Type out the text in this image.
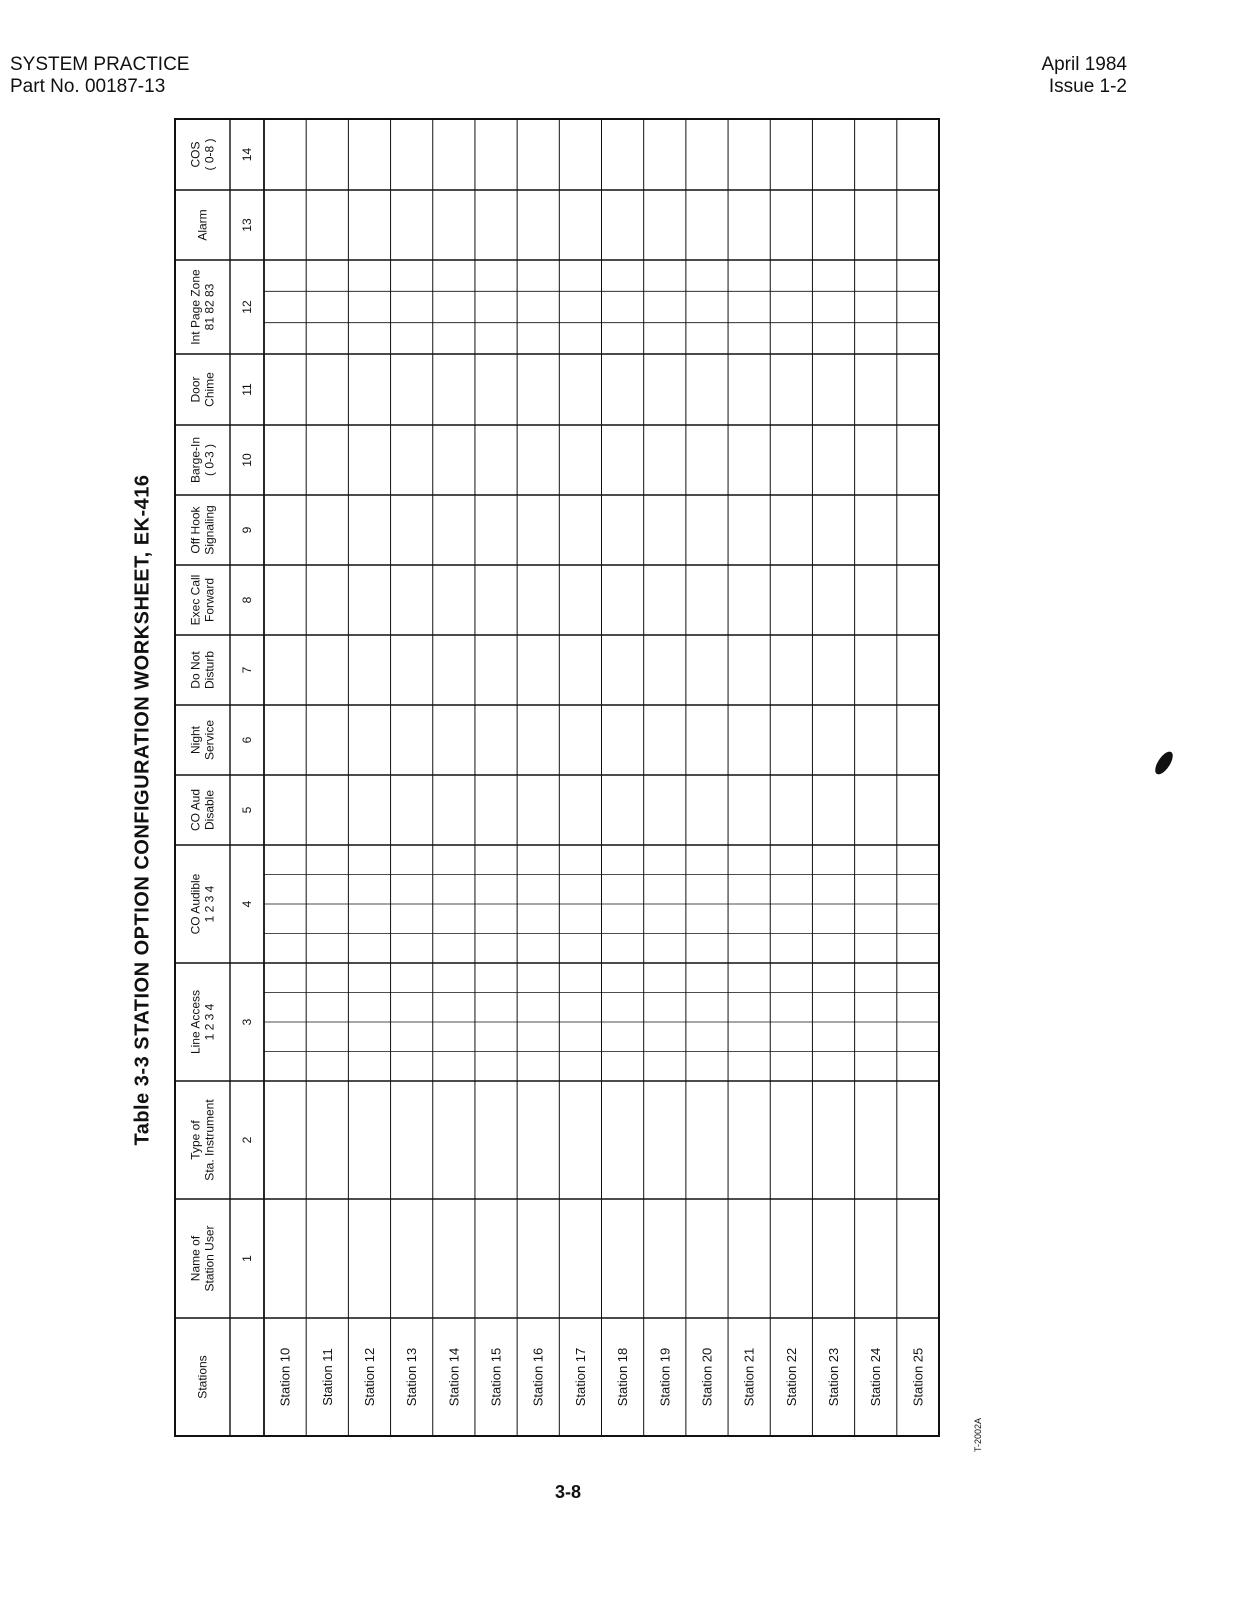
SYSTEM PRACTICE
Part No. 00187-13
April 1984
Issue 1-2
Table 3-3 STATION OPTION CONFIGURATION WORKSHEET, EK-416
Stations
Name of Station User 1
Type of Sta. Instrument 2
Line Access 1 2 3 4 3
CO Audible 1 2 3 4 4
CO Aud Disable 5
Night Service 6
Do Not Disturb 7
Exec Call Forward 8
Off Hook Signaling 9
Barge-In ( 0-3 ) 10
Door Chime 11
Int Page Zone 81 82 83 12
Alarm	13
COS ( 0-8 ) 14
Station 10 Station 11 Station 12 Station 13 Station 14 Station 15 Station 16 Station 17 Station 18 Station 19 Station 20 Station 21 Station 22 Station 23 Station 24 Station 25
3-8
T-2002A
